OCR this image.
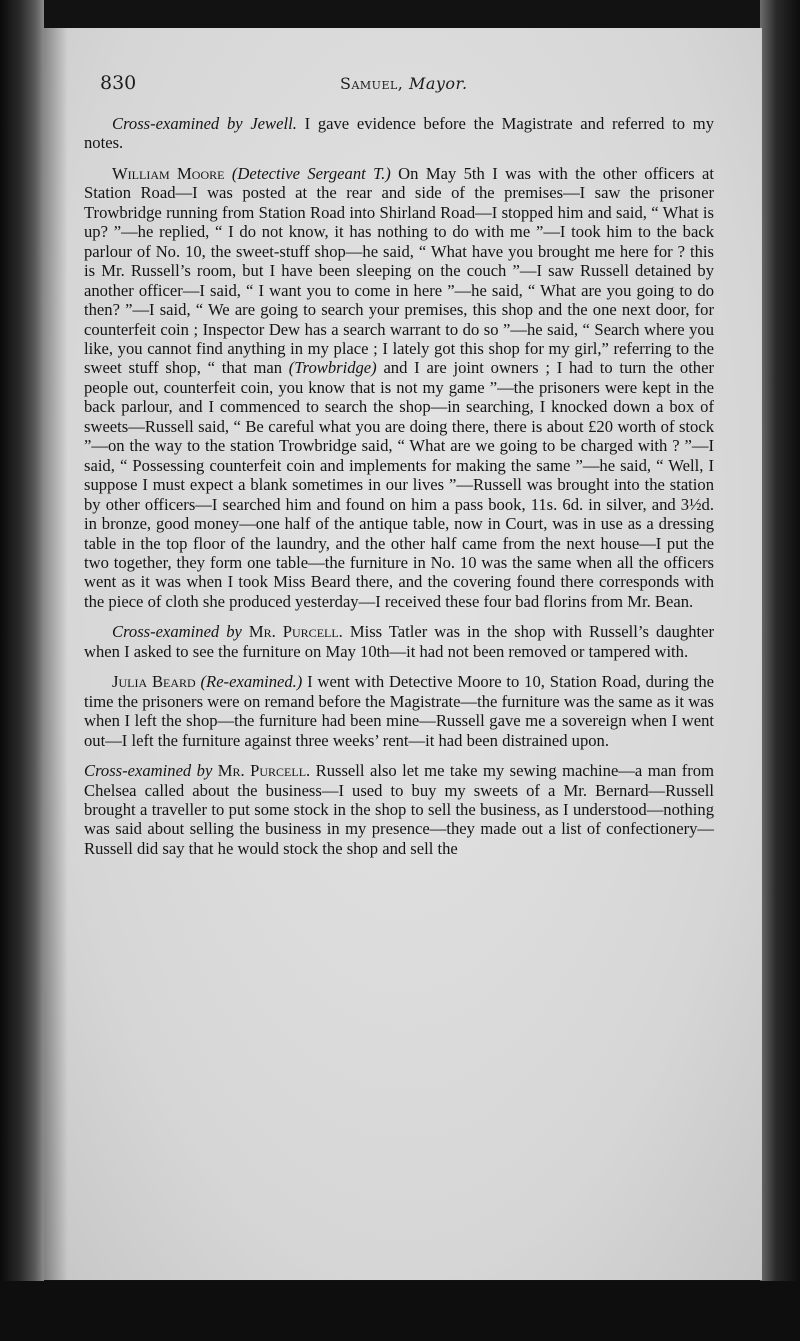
830	Samuel, Mayor.

Cross-examined by Jewell. I gave evidence before the Magistrate and referred to my notes.

William Moore (Detective Sergeant T.) On May 5th I was with the other officers at Station Road—I was posted at the rear and side of the premises—I saw the prisoner Trowbridge running from Station Road into Shirland Road—I stopped him and said, “ What is up? ”—he replied, “ I do not know, it has nothing to do with me ”—I took him to the back parlour of No. 10, the sweet-stuff shop—he said, “ What have you brought me here for ? this is Mr. Russell’s room, but I have been sleeping on the couch ”—I saw Russell detained by another officer—I said, “ I want you to come in here ”—he said, “ What are you going to do then? ”—I said, “ We are going to search your premises, this shop and the one next door, for counterfeit coin ; Inspector Dew has a search warrant to do so ”—he said, “ Search where you like, you cannot find anything in my place ; I lately got this shop for my girl,” referring to the sweet stuff shop, “ that man (Trowbridge) and I are joint owners ; I had to turn the other people out, counterfeit coin, you know that is not my game ”—the prisoners were kept in the back parlour, and I commenced to search the shop—in searching, I knocked down a box of sweets—Russell said, “ Be careful what you are doing there, there is about £20 worth of stock ”—on the way to the station Trowbridge said, “ What are we going to be charged with ? ”—I said, “ Possessing counterfeit coin and implements for making the same ”—he said, “ Well, I suppose I must expect a blank sometimes in our lives ”—Russell was brought into the station by other officers—I searched him and found on him a pass book, 11s. 6d. in silver, and 3½d. in bronze, good money—one half of the antique table, now in Court, was in use as a dressing table in the top floor of the laundry, and the other half came from the next house—I put the two together, they form one table—the furniture in No. 10 was the same when all the officers went as it was when I took Miss Beard there, and the covering found there corresponds with the piece of cloth she produced yesterday—I received these four bad florins from Mr. Bean.

Cross-examined by Mr. Purcell. Miss Tatler was in the shop with Russell’s daughter when I asked to see the furniture on May 10th—it had not been removed or tampered with.

Julia Beard (Re-examined.) I went with Detective Moore to 10, Station Road, during the time the prisoners were on remand before the Magistrate—the furniture was the same as it was when I left the shop—the furniture had been mine—Russell gave me a sovereign when I went out—I left the furniture against three weeks’ rent—it had been distrained upon.

Cross-examined by Mr. Purcell. Russell also let me take my sewing machine—a man from Chelsea called about the business—I used to buy my sweets of a Mr. Bernard—Russell brought a traveller to put some stock in the shop to sell the business, as I understood—nothing was said about selling the business in my presence—they made out a list of confectionery—Russell did say that he would stock the shop and sell the
